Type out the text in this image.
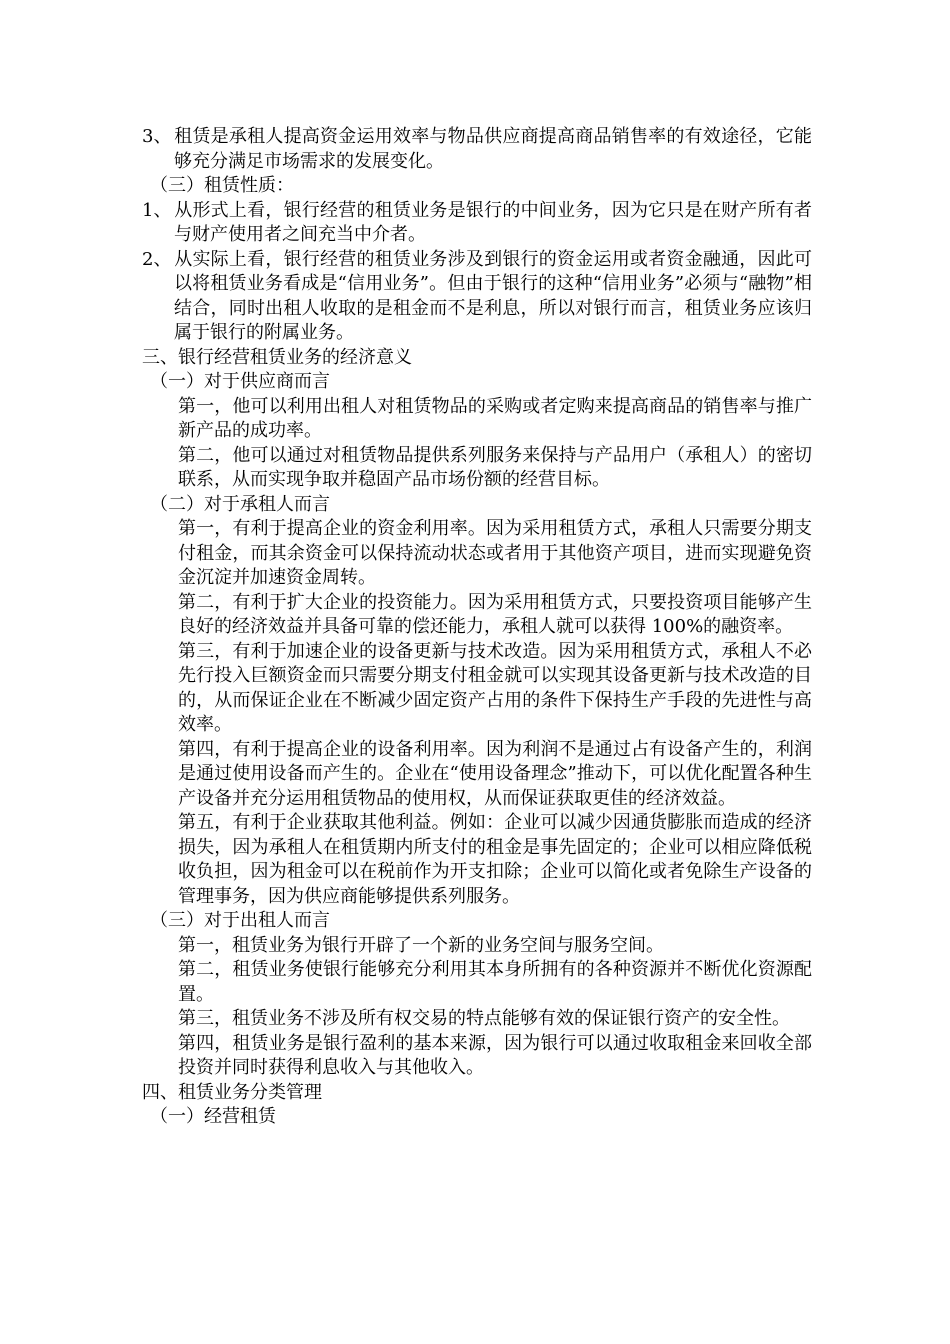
3、 租赁是承租人提高资金运用效率与物品供应商提高商品销售率的有效途径，它能够充分满足市场需求的发展变化。

（三）租赁性质：

1、 从形式上看，银行经营的租赁业务是银行的中间业务，因为它只是在财产所有者与财产使用者之间充当中介者。

2、 从实际上看，银行经营的租赁业务涉及到银行的资金运用或者资金融通，因此可以将租赁业务看成是“信用业务”。但由于银行的这种“信用业务”必须与“融物”相结合，同时出租人收取的是租金而不是利息，所以对银行而言，租赁业务应该归属于银行的附属业务。

三、银行经营租赁业务的经济意义

（一）对于供应商而言

第一，他可以利用出租人对租赁物品的采购或者定购来提高商品的销售率与推广新产品的成功率。

第二，他可以通过对租赁物品提供系列服务来保持与产品用户（承租人）的密切联系，从而实现争取并稳固产品市场份额的经营目标。

（二）对于承租人而言

第一，有利于提高企业的资金利用率。因为采用租赁方式，承租人只需要分期支付租金，而其余资金可以保持流动状态或者用于其他资产项目，进而实现避免资金沉淀并加速资金周转。

第二，有利于扩大企业的投资能力。因为采用租赁方式，只要投资项目能够产生良好的经济效益并具备可靠的偿还能力，承租人就可以获得 100%的融资率。

第三，有利于加速企业的设备更新与技术改造。因为采用租赁方式，承租人不必先行投入巨额资金而只需要分期支付租金就可以实现其设备更新与技术改造的目的，从而保证企业在不断减少固定资产占用的条件下保持生产手段的先进性与高效率。

第四，有利于提高企业的设备利用率。因为利润不是通过占有设备产生的，利润是通过使用设备而产生的。企业在“使用设备理念”推动下，可以优化配置各种生产设备并充分运用租赁物品的使用权，从而保证获取更佳的经济效益。

第五，有利于企业获取其他利益。例如：企业可以减少因通货膨胀而造成的经济损失，因为承租人在租赁期内所支付的租金是事先固定的；企业可以相应降低税收负担，因为租金可以在税前作为开支扣除；企业可以简化或者免除生产设备的管理事务，因为供应商能够提供系列服务。

（三）对于出租人而言

第一，租赁业务为银行开辟了一个新的业务空间与服务空间。

第二，租赁业务使银行能够充分利用其本身所拥有的各种资源并不断优化资源配置。

第三，租赁业务不涉及所有权交易的特点能够有效的保证银行资产的安全性。

第四，租赁业务是银行盈利的基本来源，因为银行可以通过收取租金来回收全部投资并同时获得利息收入与其他收入。

四、租赁业务分类管理

（一）经营租赁
